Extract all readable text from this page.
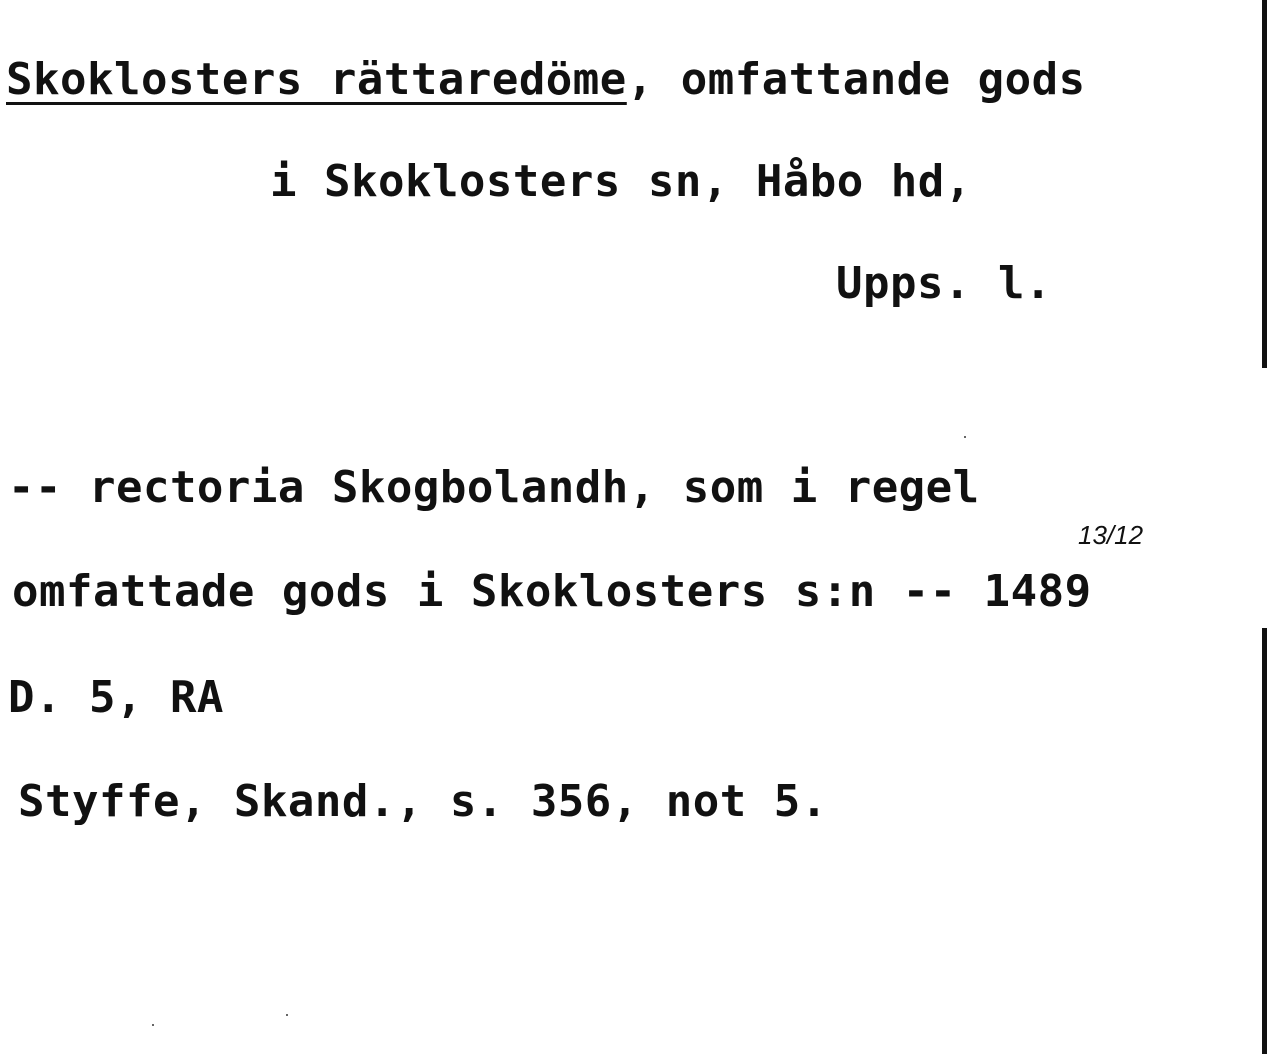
Skoklosters rättaredöme, omfattande gods
i Skoklosters sn, Håbo hd,
Upps. l.
-- rectoria Skogbolandh, som i regel
13/12
omfattade gods i Skoklosters s:n -- 1489
D. 5, RA
Styffe, Skand., s. 356, not 5.
